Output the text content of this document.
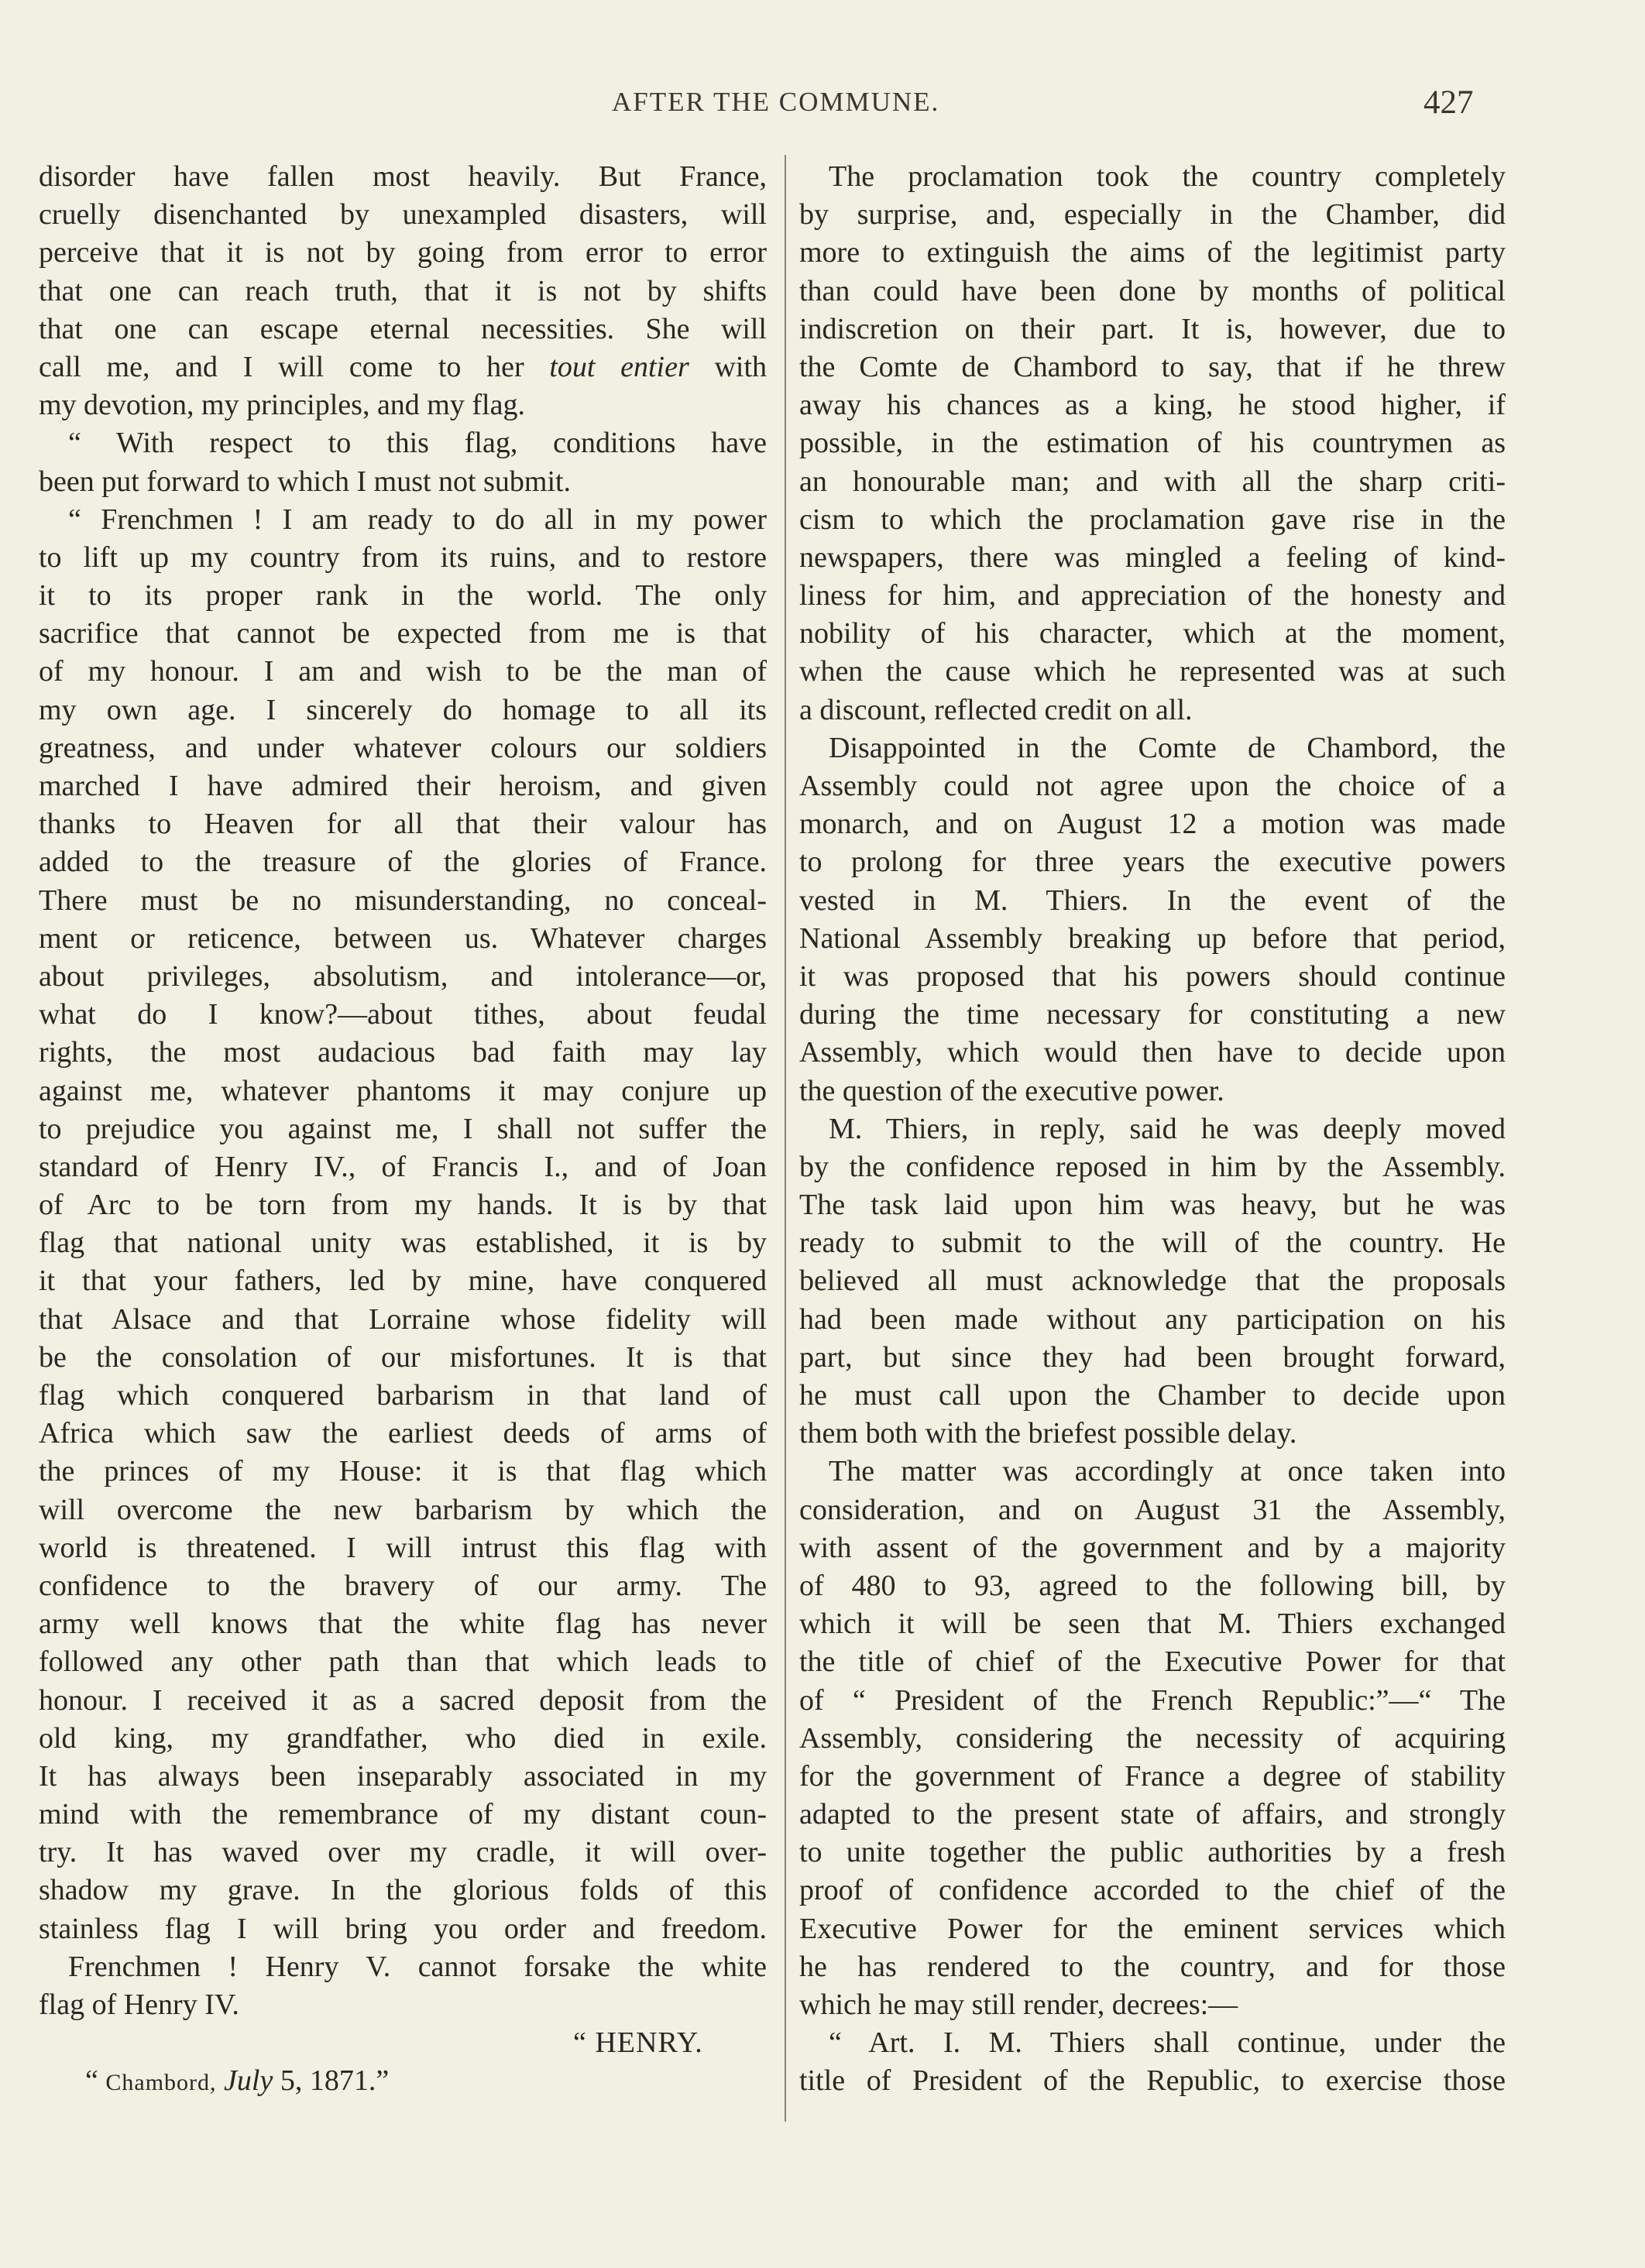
AFTER THE COMMUNE.	427
disorder have fallen most heavily. But France,
cruelly disenchanted by unexampled disasters, will
perceive that it is not by going from error to error
that one can reach truth, that it is not by shifts
that one can escape eternal necessities. She will
call me, and I will come to her tout entier with
my devotion, my principles, and my flag.
“ With respect to this flag, conditions have
been put forward to which I must not submit.
“ Frenchmen ! I am ready to do all in my power
to lift up my country from its ruins, and to restore
it to its proper rank in the world. The only
sacrifice that cannot be expected from me is that
of my honour. I am and wish to be the man of
my own age. I sincerely do homage to all its
greatness, and under whatever colours our soldiers
marched I have admired their heroism, and given
thanks to Heaven for all that their valour has
added to the treasure of the glories of France.
There must be no misunderstanding, no conceal-
ment or reticence, between us. Whatever charges
about privileges, absolutism, and intolerance—or,
what do I know?—about tithes, about feudal
rights, the most audacious bad faith may lay
against me, whatever phantoms it may conjure up
to prejudice you against me, I shall not suffer the
standard of Henry IV., of Francis I., and of Joan
of Arc to be torn from my hands. It is by that
flag that national unity was established, it is by
it that your fathers, led by mine, have conquered
that Alsace and that Lorraine whose fidelity will
be the consolation of our misfortunes. It is that
flag which conquered barbarism in that land of
Africa which saw the earliest deeds of arms of
the princes of my House: it is that flag which
will overcome the new barbarism by which the
world is threatened. I will intrust this flag with
confidence to the bravery of our army. The
army well knows that the white flag has never
followed any other path than that which leads to
honour. I received it as a sacred deposit from the
old king, my grandfather, who died in exile.
It has always been inseparably associated in my
mind with the remembrance of my distant coun-
try. It has waved over my cradle, it will over-
shadow my grave. In the glorious folds of this
stainless flag I will bring you order and freedom.
Frenchmen ! Henry V. cannot forsake the white
flag of Henry IV.
“ HENRY.
“ Chambord, July 5, 1871.”
The proclamation took the country completely
by surprise, and, especially in the Chamber, did
more to extinguish the aims of the legitimist party
than could have been done by months of political
indiscretion on their part. It is, however, due to
the Comte de Chambord to say, that if he threw
away his chances as a king, he stood higher, if
possible, in the estimation of his countrymen as
an honourable man; and with all the sharp criti-
cism to which the proclamation gave rise in the
newspapers, there was mingled a feeling of kind-
liness for him, and appreciation of the honesty and
nobility of his character, which at the moment,
when the cause which he represented was at such
a discount, reflected credit on all.
Disappointed in the Comte de Chambord, the
Assembly could not agree upon the choice of a
monarch, and on August 12 a motion was made
to prolong for three years the executive powers
vested in M. Thiers. In the event of the
National Assembly breaking up before that period,
it was proposed that his powers should continue
during the time necessary for constituting a new
Assembly, which would then have to decide upon
the question of the executive power.
M. Thiers, in reply, said he was deeply moved
by the confidence reposed in him by the Assembly.
The task laid upon him was heavy, but he was
ready to submit to the will of the country. He
believed all must acknowledge that the proposals
had been made without any participation on his
part, but since they had been brought forward,
he must call upon the Chamber to decide upon
them both with the briefest possible delay.
The matter was accordingly at once taken into
consideration, and on August 31 the Assembly,
with assent of the government and by a majority
of 480 to 93, agreed to the following bill, by
which it will be seen that M. Thiers exchanged
the title of chief of the Executive Power for that
of “ President of the French Republic:”—“ The
Assembly, considering the necessity of acquiring
for the government of France a degree of stability
adapted to the present state of affairs, and strongly
to unite together the public authorities by a fresh
proof of confidence accorded to the chief of the
Executive Power for the eminent services which
he has rendered to the country, and for those
which he may still render, decrees:—
“ Art. I. M. Thiers shall continue, under the
title of President of the Republic, to exercise those
